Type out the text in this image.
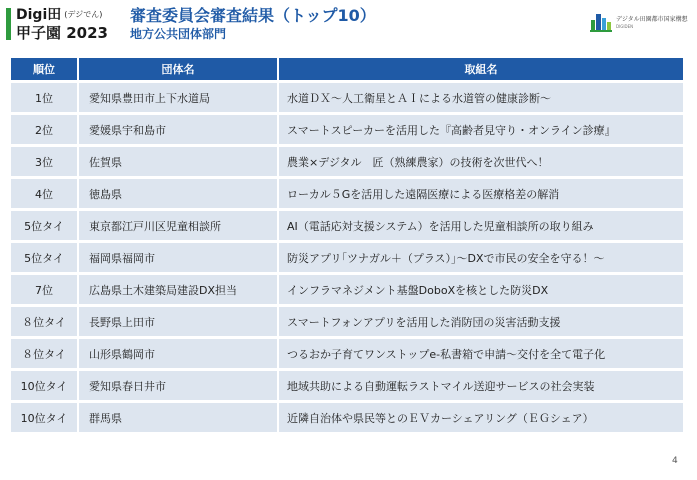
Digi田 $^{(デジでん)}$
甲子園 2023
審査委員会審査結果（トップ10）
地方公共団体部門
デジタル田園都市国家構想
DIGIDEN
順位	団体名	取組名
1位	愛知県豊田市上下水道局	水道ＤＸ～人工衛星とＡＩによる水道管の健康診断～
2位	愛媛県宇和島市	スマートスピーカーを活用した『高齢者見守り・オンライン診療』
3位	佐賀県	農業×デジタル　匠（熟練農家）の技術を次世代へ！
4位	徳島県	ローカル５Gを活用した遠隔医療による医療格差の解消
5位タイ	東京都江戸川区児童相談所	AI（電話応対支援システム）を活用した児童相談所の取り組み
5位タイ	福岡県福岡市	防災アプリ｢ツナガル＋（プラス）｣～DXで市民の安全を守る！～
7位	広島県土木建築局建設DX担当	インフラマネジメント基盤DoboXを核とした防災DX
８位タイ	長野県上田市	スマートフォンアプリを活用した消防団の災害活動支援
８位タイ	山形県鶴岡市	つるおか子育てワンストップe-私書箱で申請～交付を全て電子化
10位タイ	愛知県春日井市	地域共助による自動運転ラストマイル送迎サービスの社会実装
10位タイ	群馬県	近隣自治体や県民等とのＥＶカーシェアリング（ＥＧシェア）
4
